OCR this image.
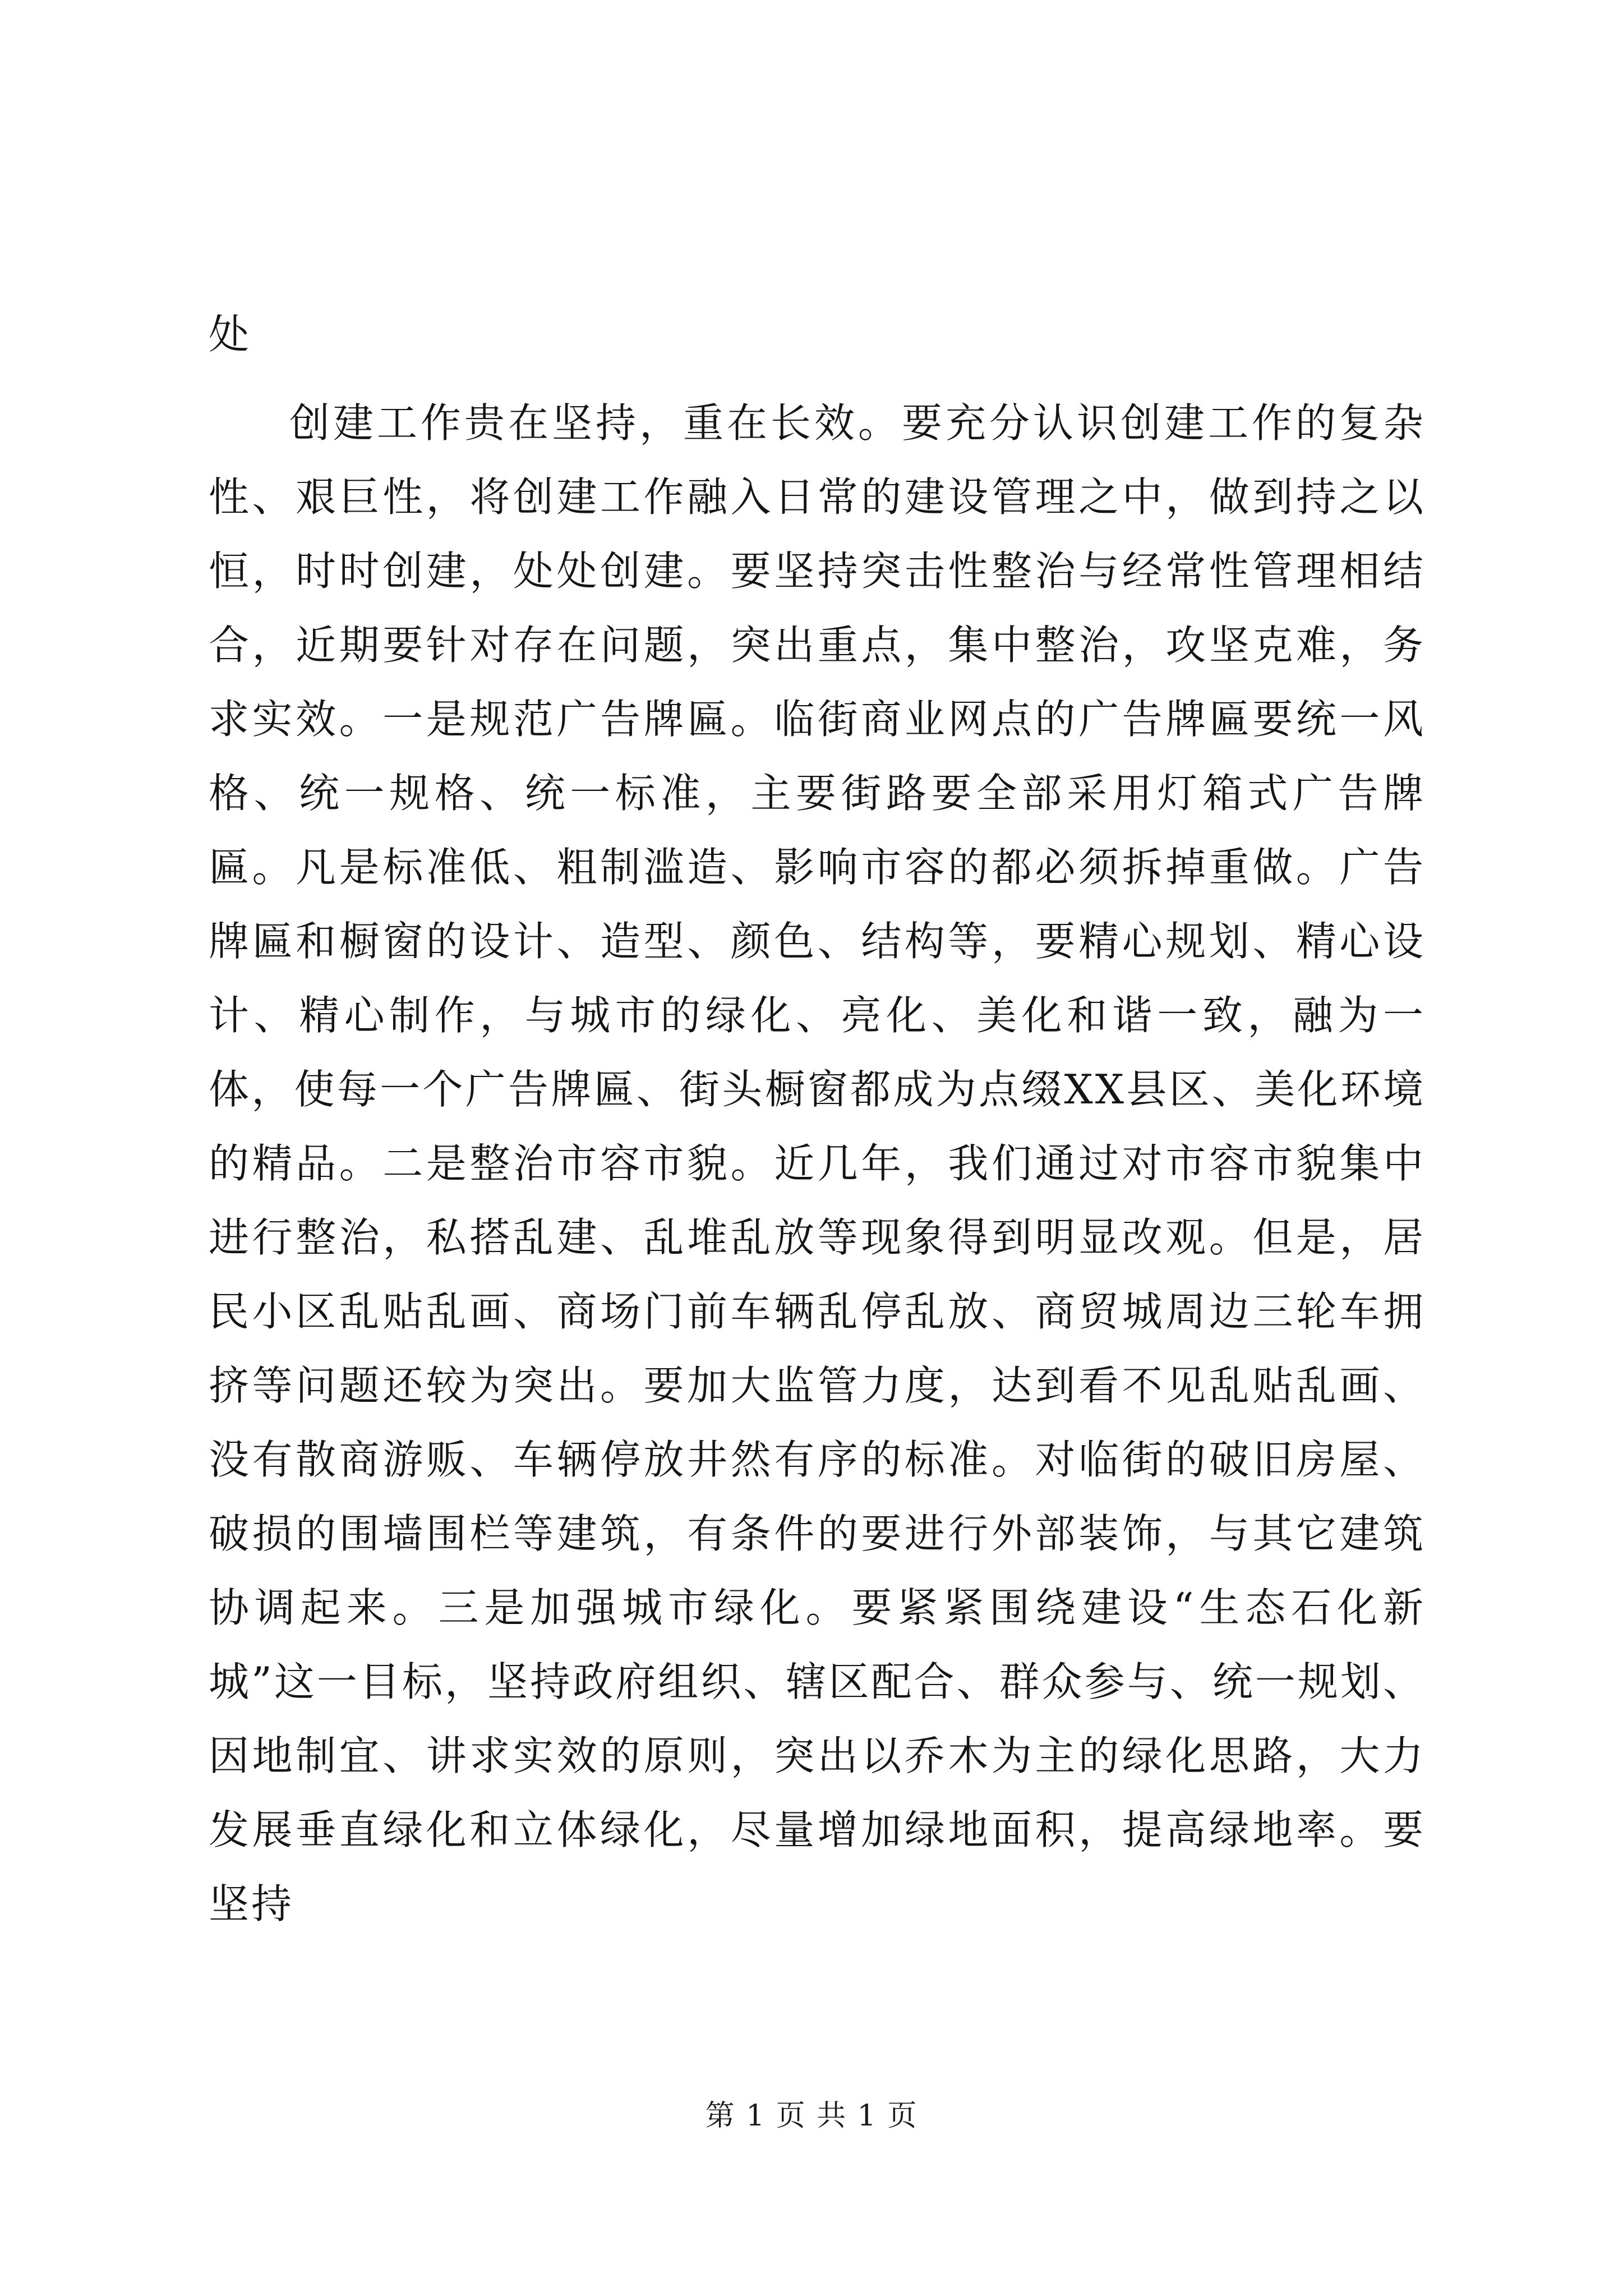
处

创建工作贵在坚持，重在长效。要充分认识创建工作的复杂性、艰巨性，将创建工作融入日常的建设管理之中，做到持之以恒，时时创建，处处创建。要坚持突击性整治与经常性管理相结合，近期要针对存在问题，突出重点，集中整治，攻坚克难，务求实效。一是规范广告牌匾。临街商业网点的广告牌匾要统一风格、统一规格、统一标准，主要街路要全部采用灯箱式广告牌匾。凡是标准低、粗制滥造、影响市容的都必须拆掉重做。广告牌匾和橱窗的设计、造型、颜色、结构等，要精心规划、精心设计、精心制作，与城市的绿化、亮化、美化和谐一致，融为一体，使每一个广告牌匾、街头橱窗都成为点缀XX县区、美化环境的精品。二是整治市容市貌。近几年，我们通过对市容市貌集中进行整治，私搭乱建、乱堆乱放等现象得到明显改观。但是，居民小区乱贴乱画、商场门前车辆乱停乱放、商贸城周边三轮车拥挤等问题还较为突出。要加大监管力度，达到看不见乱贴乱画、没有散商游贩、车辆停放井然有序的标准。对临街的破旧房屋、破损的围墙围栏等建筑，有条件的要进行外部装饰，与其它建筑协调起来。三是加强城市绿化。要紧紧围绕建设“生态石化新城”这一目标，坚持政府组织、辖区配合、群众参与、统一规划、因地制宜、讲求实效的原则，突出以乔木为主的绿化思路，大力发展垂直绿化和立体绿化，尽量增加绿地面积，提高绿地率。要坚持

第 1 页 共 1 页
